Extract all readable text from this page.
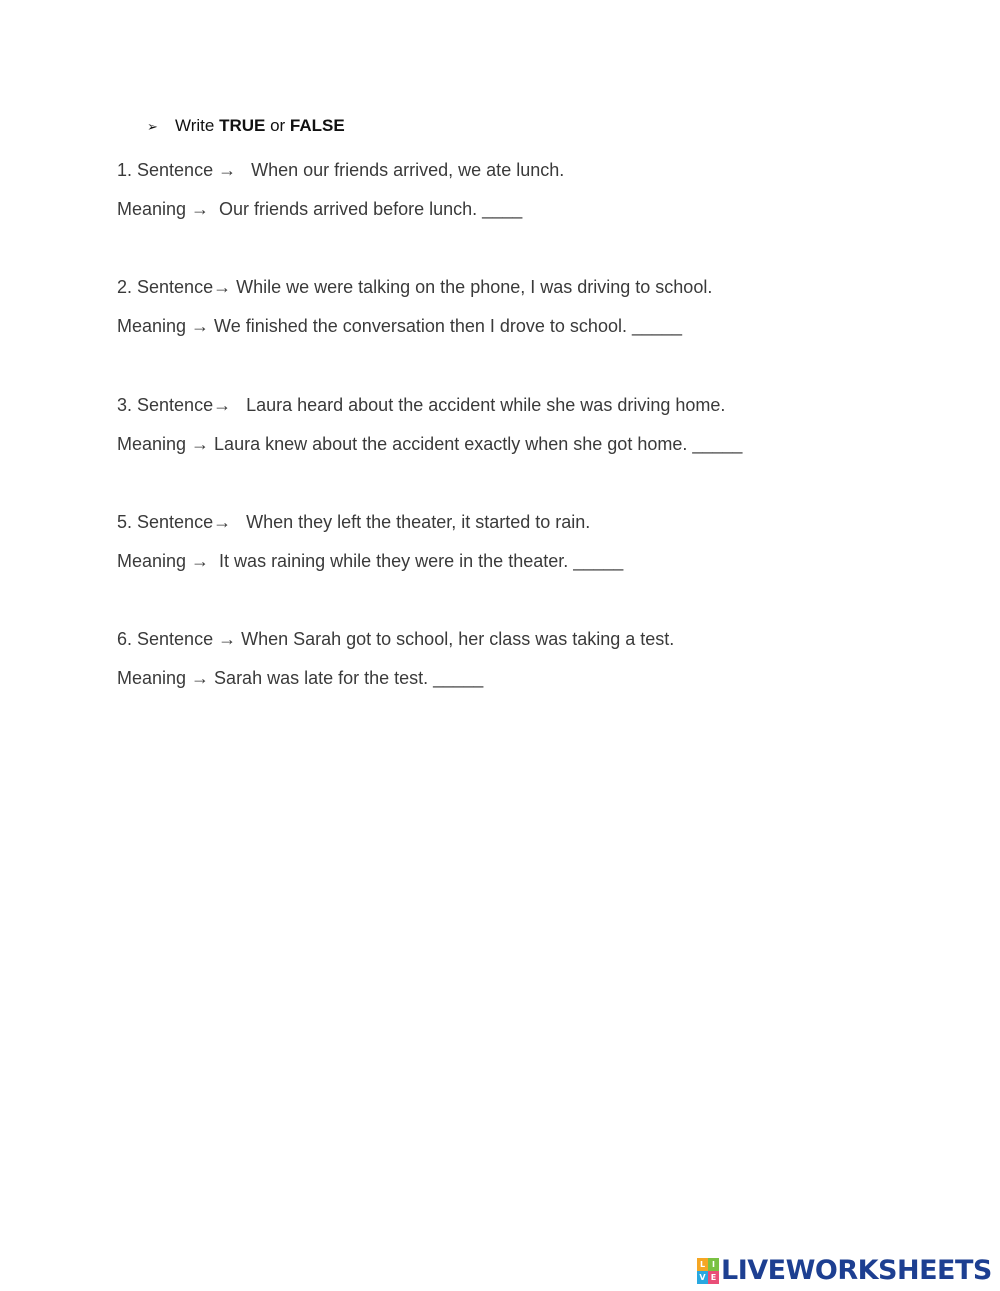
➢ Write TRUE or FALSE
1. Sentence →   When our friends arrived, we ate lunch.
Meaning →  Our friends arrived before lunch. ____
2. Sentence→ While we were talking on the phone, I was driving to school.
Meaning → We finished the conversation then I drove to school. _____
3. Sentence→   Laura heard about the accident while she was driving home.
Meaning → Laura knew about the accident exactly when she got home. _____
5. Sentence→   When they left the theater, it started to rain.
Meaning →  It was raining while they were in the theater. _____
6. Sentence → When Sarah got to school, her class was taking a test.
Meaning → Sarah was late for the test. _____
L I
V E LIVEWORKSHEETS
